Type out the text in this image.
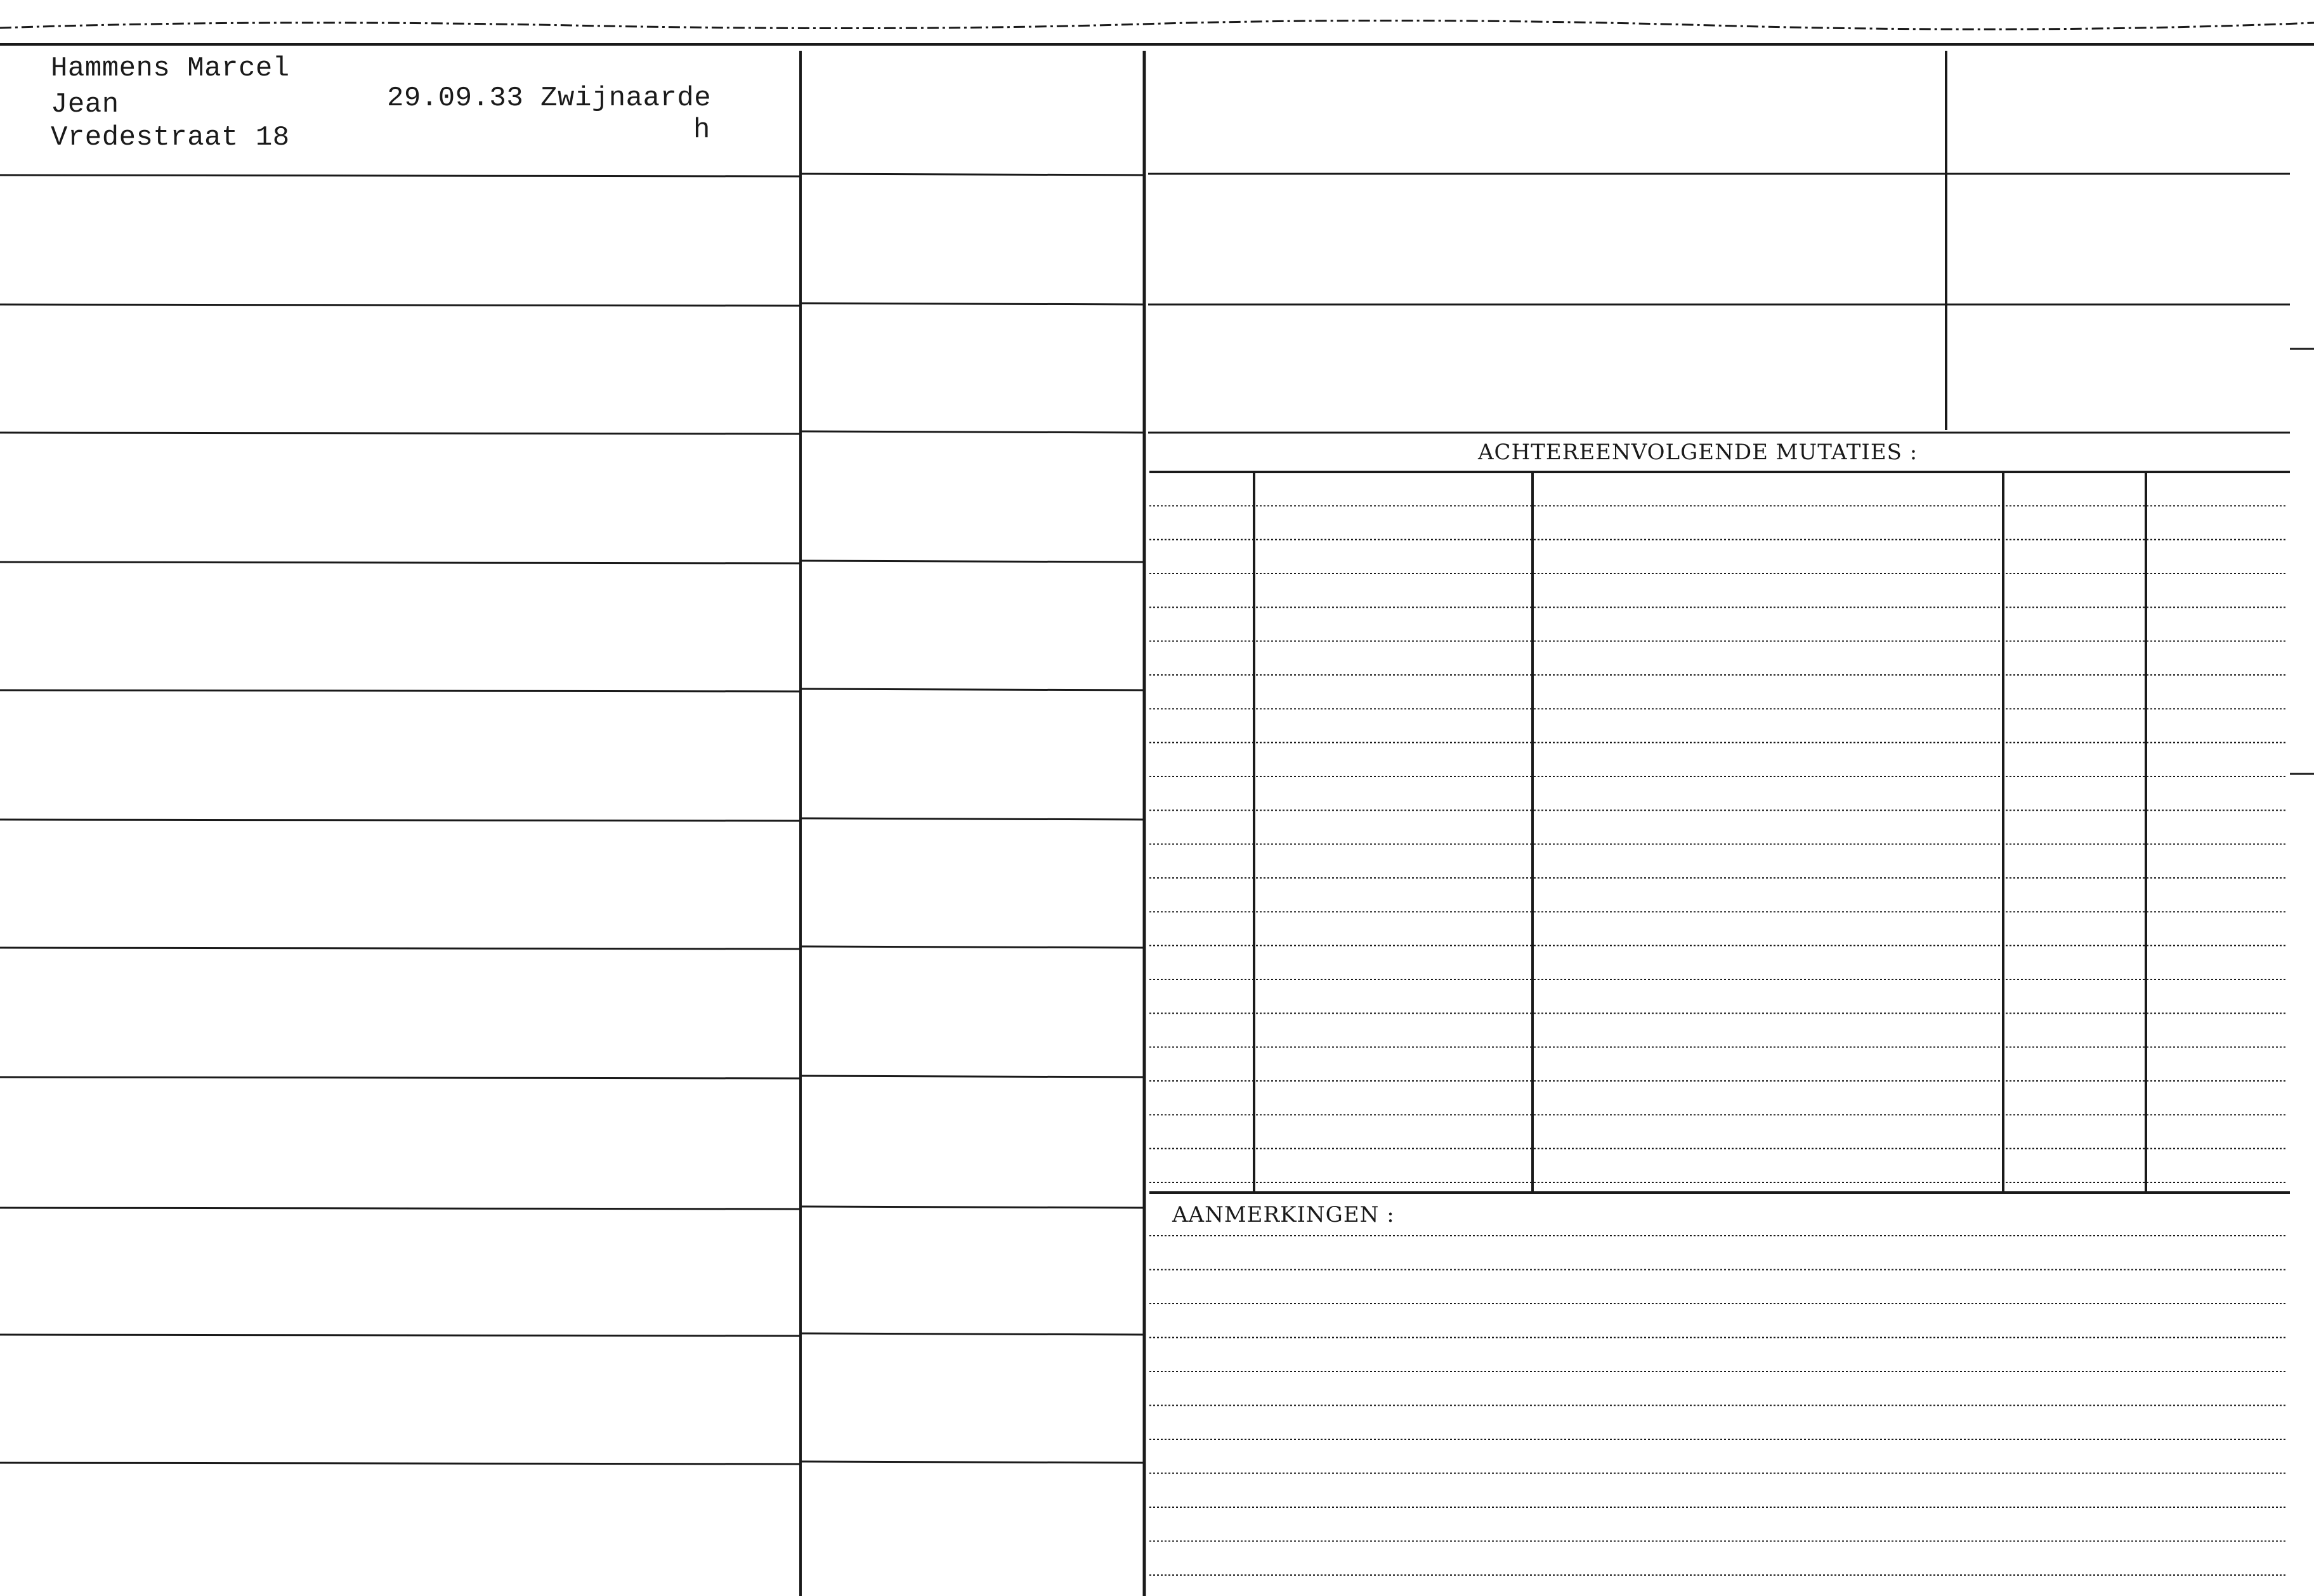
Hammens Marcel
Jean
Vredestraat 18
29.09.33 Zwijnaarde
h
ACHTEREENVOLGENDE MUTATIES :
AANMERKINGEN :
